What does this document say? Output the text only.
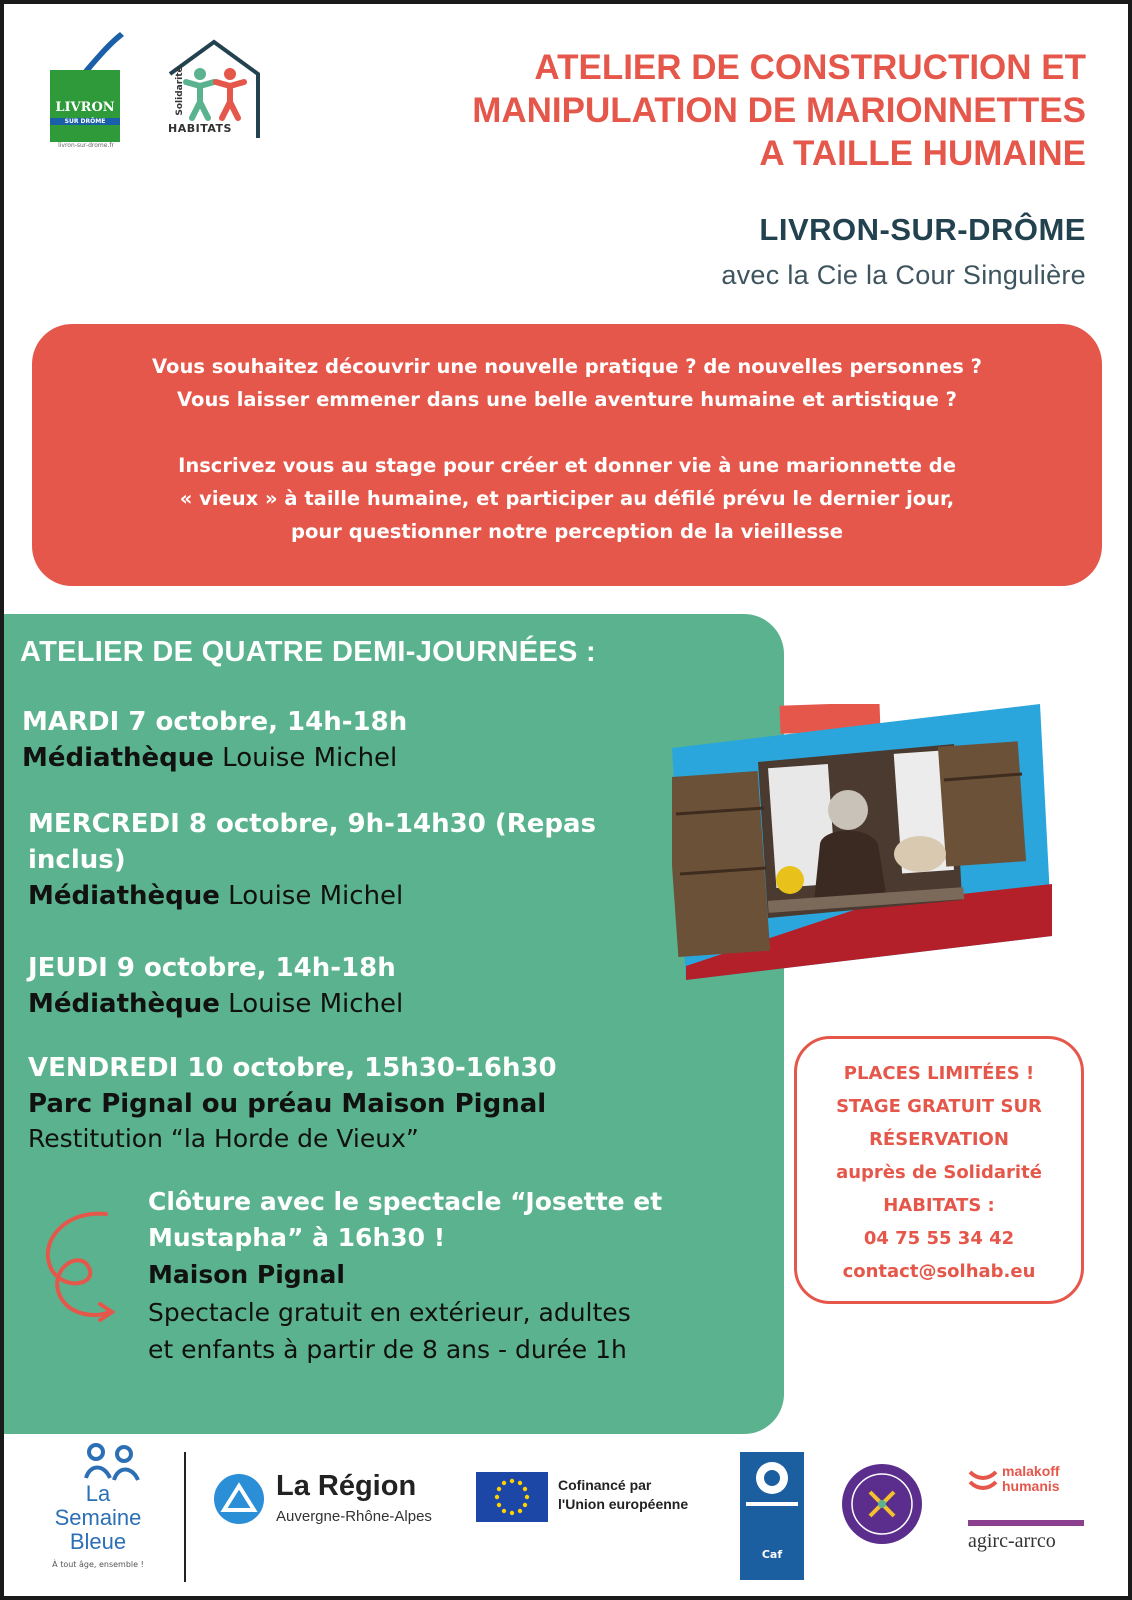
LIVRON
SUR DRÔME
livron-sur-drome.fr
Solidarité
HABITATS
ATELIER DE CONSTRUCTION ET
MANIPULATION DE MARIONNETTES
A TAILLE HUMAINE
LIVRON-SUR-DRÔME
avec la Cie la Cour Singulière

Vous souhaitez découvrir une nouvelle pratique ? de nouvelles personnes ?
Vous laisser emmener dans une belle aventure humaine et artistique ?

Inscrivez vous au stage pour créer et donner vie à une marionnette de
« vieux » à taille humaine, et participer au défilé prévu le dernier jour,
pour questionner notre perception de la vieillesse

ATELIER DE QUATRE DEMI-JOURNÉES :
MARDI 7 octobre, 14h-18h
Médiathèque Louise Michel
MERCREDI 8 octobre, 9h-14h30 (Repas
inclus)
Médiathèque Louise Michel
JEUDI 9 octobre, 14h-18h
Médiathèque Louise Michel
VENDREDI 10 octobre, 15h30-16h30
Parc Pignal ou préau Maison Pignal
Restitution “la Horde de Vieux”
Clôture avec le spectacle “Josette et
Mustapha” à 16h30 !
Maison Pignal
Spectacle gratuit en extérieur, adultes
et enfants à partir de 8 ans - durée 1h
PLACES LIMITÉES !
STAGE GRATUIT SUR
RÉSERVATION
auprès de Solidarité
HABITATS :
04 75 55 34 42
contact@solhab.eu
La
Semaine
Bleue
À tout âge, ensemble !
La Région
Auvergne-Rhône-Alpes
Cofinancé par
l'Union européenne
Caf
malakoff
humanis
agirc-arrco
